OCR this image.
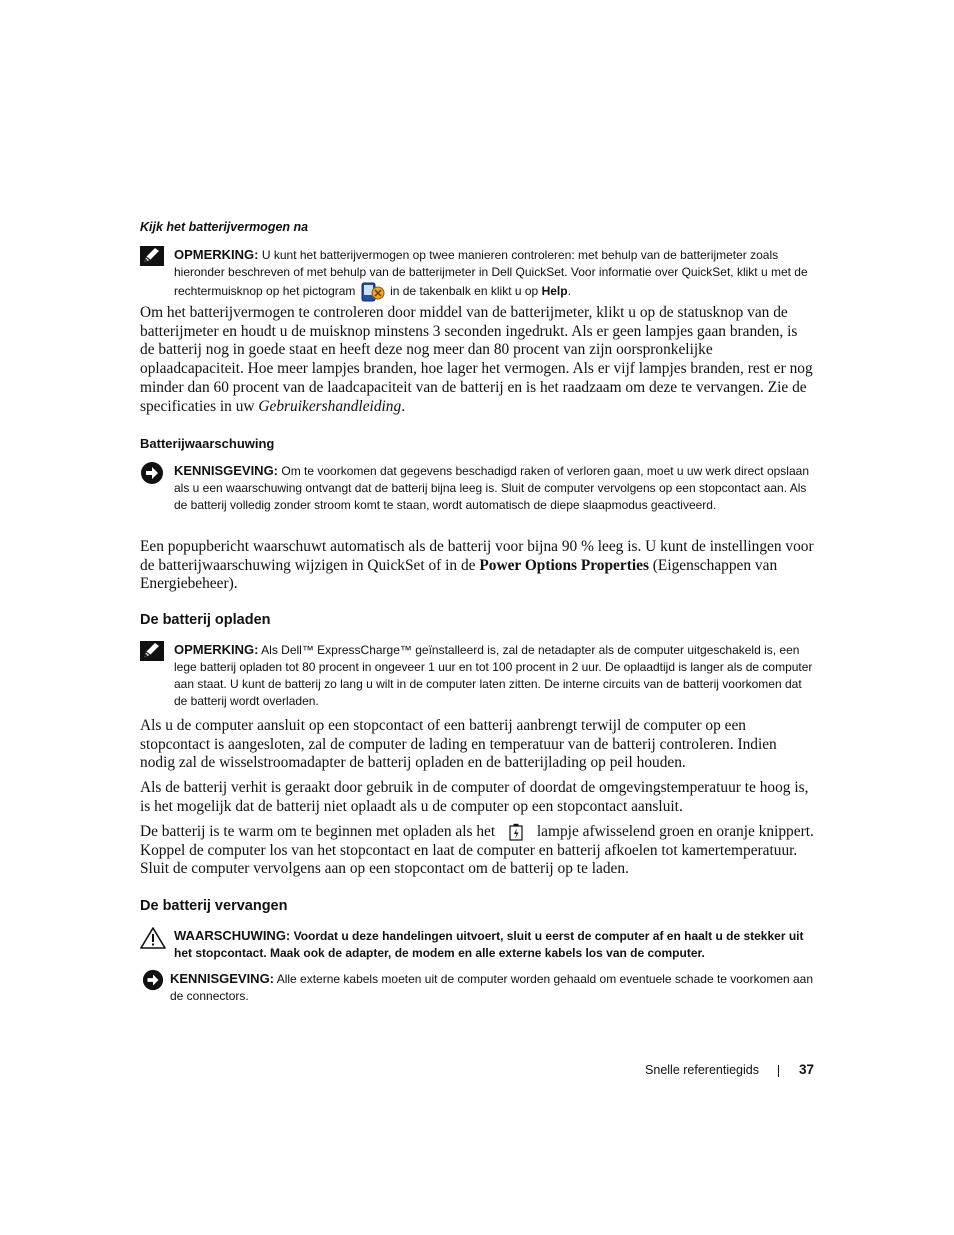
Kijk het batterijvermogen na
OPMERKING: U kunt het batterijvermogen op twee manieren controleren: met behulp van de batterijmeter zoals hieronder beschreven of met behulp van de batterijmeter in Dell QuickSet. Voor informatie over QuickSet, klikt u met de rechtermuisknop op het pictogram	in de takenbalk en klikt u op Help.

Om het batterijvermogen te controleren door middel van de batterijmeter, klikt u op de statusknop van de batterijmeter en houdt u de muisknop minstens 3 seconden ingedrukt. Als er geen lampjes gaan branden, is de batterij nog in goede staat en heeft deze nog meer dan 80 procent van zijn oorspronkelijke oplaadcapaciteit. Hoe meer lampjes branden, hoe lager het vermogen. Als er vijf lampjes branden, rest er nog minder dan 60 procent van de laadcapaciteit van de batterij en is het raadzaam om deze te vervangen. Zie de specificaties in uw Gebruikershandleiding.

Batterijwaarschuwing
KENNISGEVING: Om te voorkomen dat gegevens beschadigd raken of verloren gaan, moet u uw werk direct opslaan als u een waarschuwing ontvangt dat de batterij bijna leeg is. Sluit de computer vervolgens op een stopcontact aan. Als de batterij volledig zonder stroom komt te staan, wordt automatisch de diepe slaapmodus geactiveerd.

Een popupbericht waarschuwt automatisch als de batterij voor bijna 90 % leeg is. U kunt de instellingen voor de batterijwaarschuwing wijzigen in QuickSet of in de Power Options Properties (Eigenschappen van Energiebeheer).

De batterij opladen
OPMERKING: Als Dell™ ExpressCharge™ geïnstalleerd is, zal de netadapter als de computer uitgeschakeld is, een lege batterij opladen tot 80 procent in ongeveer 1 uur en tot 100 procent in 2 uur. De oplaadtijd is langer als de computer aan staat. U kunt de batterij zo lang u wilt in de computer laten zitten. De interne circuits van de batterij voorkomen dat de batterij wordt overladen.

Als u de computer aansluit op een stopcontact of een batterij aanbrengt terwijl de computer op een stopcontact is aangesloten, zal de computer de lading en temperatuur van de batterij controleren. Indien nodig zal de wisselstroomadapter de batterij opladen en de batterijlading op peil houden.

Als de batterij verhit is geraakt door gebruik in de computer of doordat de omgevingstemperatuur te hoog is, is het mogelijk dat de batterij niet oplaadt als u de computer op een stopcontact aansluit.

De batterij is te warm om te beginnen met opladen als het	lampje afwisselend groen en oranje knippert. Koppel de computer los van het stopcontact en laat de computer en batterij afkoelen tot kamertemperatuur. Sluit de computer vervolgens aan op een stopcontact om de batterij op te laden.

De batterij vervangen
WAARSCHUWING: Voordat u deze handelingen uitvoert, sluit u eerst de computer af en haalt u de stekker uit het stopcontact. Maak ook de adapter, de modem en alle externe kabels los van de computer.
KENNISGEVING: Alle externe kabels moeten uit de computer worden gehaald om eventuele schade te voorkomen aan de connectors.
Snelle referentiegids	37
